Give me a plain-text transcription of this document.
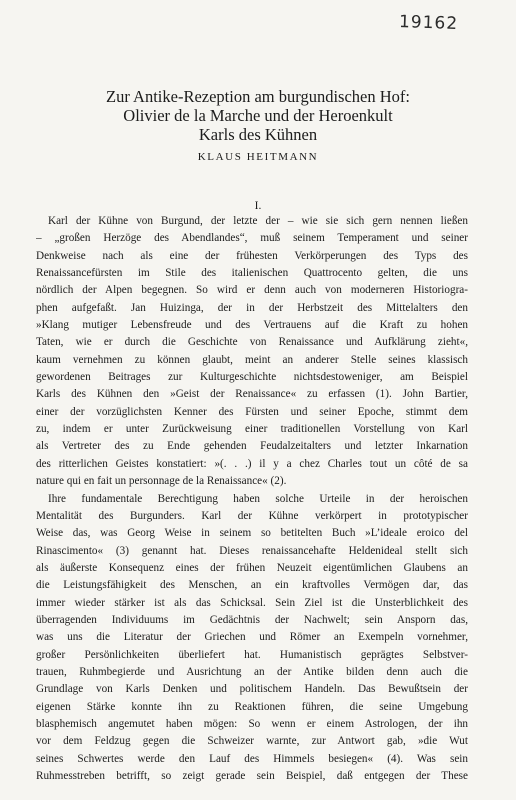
19162
Zur Antike-Rezeption am burgundischen Hof:
Olivier de la Marche und der Heroenkult
Karls des Kühnen
KLAUS HEITMANN
I.
Karl der Kühne von Burgund, der letzte der – wie sie sich gern nennen ließen
– „großen Herzöge des Abendlandes“, muß seinem Temperament und seiner
Denkweise nach als eine der frühesten Verkörperungen des Typs des
Renaissancefürsten im Stile des italienischen Quattrocento gelten, die uns
nördlich der Alpen begegnen. So wird er denn auch von moderneren Historiogra-
phen aufgefaßt. Jan Huizinga, der in der Herbstzeit des Mittelalters den
»Klang mutiger Lebensfreude und des Vertrauens auf die Kraft zu hohen
Taten, wie er durch die Geschichte von Renaissance und Aufklärung zieht«,
kaum vernehmen zu können glaubt, meint an anderer Stelle seines klassisch
gewordenen Beitrages zur Kulturgeschichte nichtsdestoweniger, am Beispiel
Karls des Kühnen den »Geist der Renaissance« zu erfassen (1). John Bartier,
einer der vorzüglichsten Kenner des Fürsten und seiner Epoche, stimmt dem
zu, indem er unter Zurückweisung einer traditionellen Vorstellung von Karl
als Vertreter des zu Ende gehenden Feudalzeitalters und letzter Inkarnation
des ritterlichen Geistes konstatiert: »(. . .) il y a chez Charles tout un côté de sa
nature qui en fait un personnage de la Renaissance« (2).
Ihre fundamentale Berechtigung haben solche Urteile in der heroischen
Mentalität des Burgunders. Karl der Kühne verkörpert in prototypischer
Weise das, was Georg Weise in seinem so betitelten Buch »L’ideale eroico del
Rinascimento« (3) genannt hat. Dieses renaissancehafte Heldenideal stellt sich
als äußerste Konsequenz eines der frühen Neuzeit eigentümlichen Glaubens an
die Leistungsfähigkeit des Menschen, an ein kraftvolles Vermögen dar, das
immer wieder stärker ist als das Schicksal. Sein Ziel ist die Unsterblichkeit des
überragenden Individuums im Gedächtnis der Nachwelt; sein Ansporn das,
was uns die Literatur der Griechen und Römer an Exempeln vornehmer,
großer Persönlichkeiten überliefert hat. Humanistisch geprägtes Selbstver-
trauen, Ruhmbegierde und Ausrichtung an der Antike bilden denn auch die
Grundlage von Karls Denken und politischem Handeln. Das Bewußtsein der
eigenen Stärke konnte ihn zu Reaktionen führen, die seine Umgebung
blasphemisch angemutet haben mögen: So wenn er einem Astrologen, der ihn
vor dem Feldzug gegen die Schweizer warnte, zur Antwort gab, »die Wut
seines Schwertes werde den Lauf des Himmels besiegen« (4). Was sein
Ruhmesstreben betrifft, so zeigt gerade sein Beispiel, daß entgegen der These
